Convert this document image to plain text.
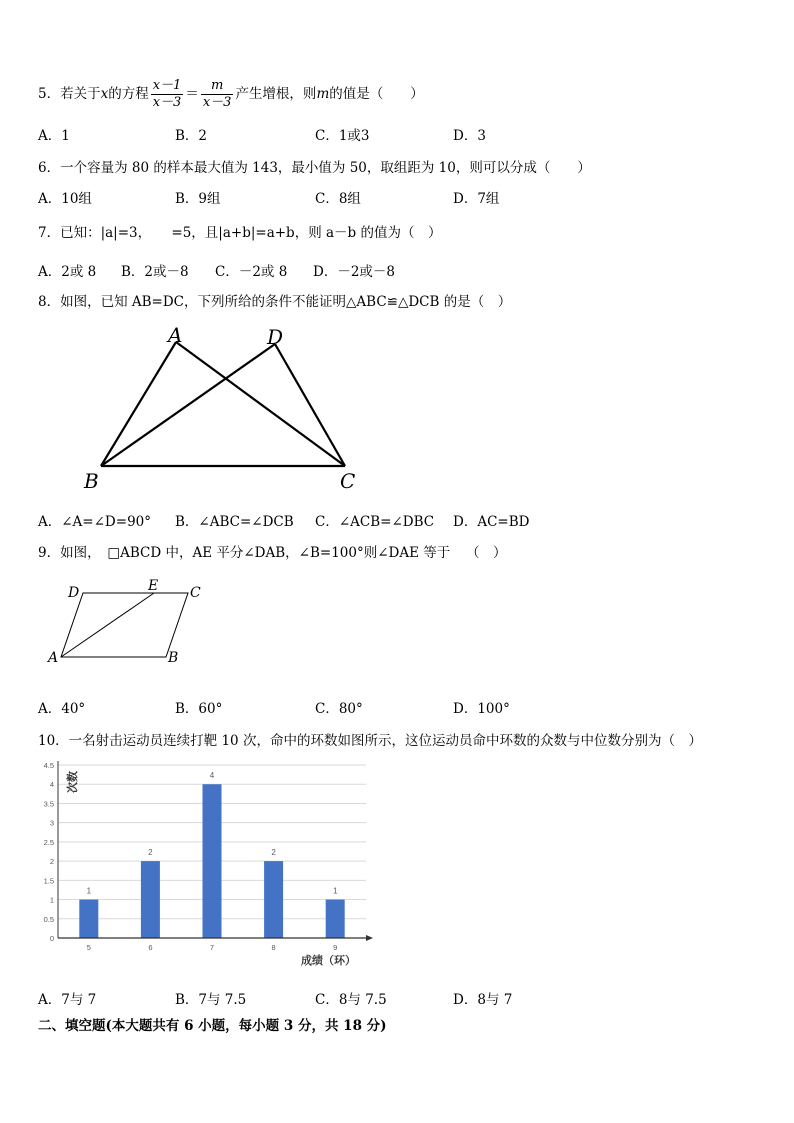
5．若关于x的方程 $\frac{x-1}{x-3} = \frac{m}{x-3}$ 产生增根，则m的值是（　　）
A．1	B．2	C．1或3	D．3
6．一个容量为 80 的样本最大值为 143，最小值为 50，取组距为 10，则可以分成（　　）
A．10组	B．9组	C．8组	D．7组
7．已知：|a|=3，　　=5，且|a+b|=a+b，则 a－b 的值为（　）
A．2或 8 B．2或－8 C．－2或 8 D．－2或－8
8．如图，已知 AB=DC，下列所给的条件不能证明△ABC≌△DCB 的是（　）
A	D
B	C
A．∠A=∠D=90° B．∠ABC=∠DCB C．∠ACB=∠DBC D．AC=BD
9．如图，　□ABCD 中，AE 平分∠DAB，∠B=100°则∠DAE 等于 （　）
D	E C
A	B
A．40°	B．60°	C．80°	D．100°
10．一名射击运动员连续打靶 10 次，命中的环数如图所示，这位运动员命中环数的众数与中位数分别为（　）
0
0.5
1
1.5
2
2.5
3
3.5
4
4.5
1
5
2
6
4
7
2
8
1
9
次数
成绩（环）
A．7与 7	B．7与 7.5	C．8与 7.5	D．8与 7
二、填空题(本大题共有 6 小题，每小题 3 分，共 18 分)
